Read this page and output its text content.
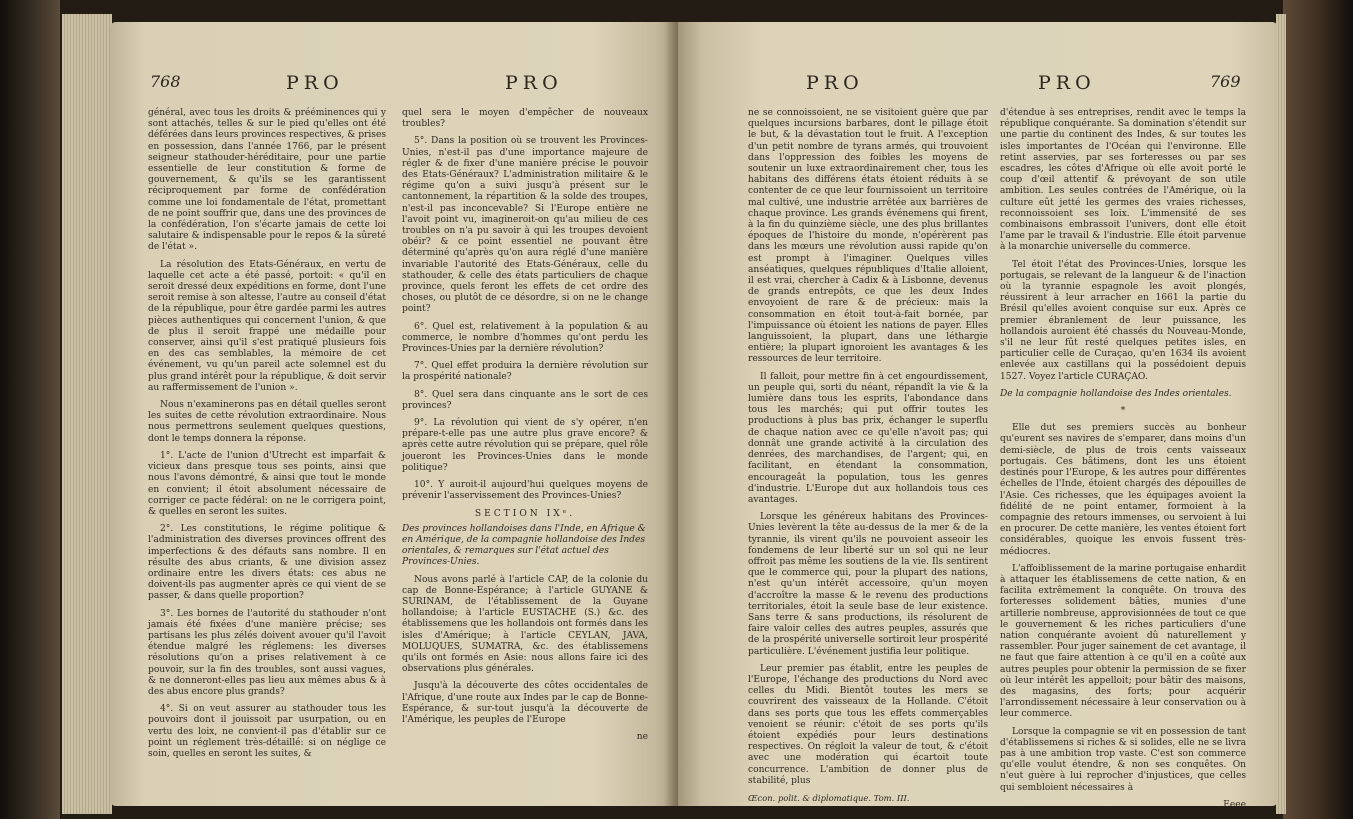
768	PRO	PRO

général, avec tous les droits & prééminences qui y sont attachés, telles & sur le pied qu'elles ont été déférées dans leurs provinces respectives, & prises en possession, dans l'année 1766, par le présent seigneur stathouder-héréditaire, pour une partie essentielle de leur constitution & forme de gouvernement, & qu'ils se les garantissent réciproquement par forme de confédération comme une loi fondamentale de l'état, promettant de ne point souffrir que, dans une des provinces de la confédération, l'on s'écarte jamais de cette loi salutaire & indispensable pour le repos & la sûreté de l'état ».

La résolution des Etats-Généraux, en vertu de laquelle cet acte a été passé, portoit: « qu'il en seroit dressé deux expéditions en forme, dont l'une seroit remise à son altesse, l'autre au conseil d'état de la république, pour être gardée parmi les autres pièces authentiques qui concernent l'union, & que de plus il seroit frappé une médaille pour conserver, ainsi qu'il s'est pratiqué plusieurs fois en des cas semblables, la mémoire de cet événement, vu qu'un pareil acte solemnel est du plus grand intérêt pour la république, & doit servir au raffermissement de l'union ».

Nous n'examinerons pas en détail quelles seront les suites de cette révolution extraordinaire. Nous nous permettrons seulement quelques questions, dont le temps donnera la réponse.

1°. L'acte de l'union d'Utrecht est imparfait & vicieux dans presque tous ses points, ainsi que nous l'avons démontré, & ainsi que tout le monde en convient; il étoit absolument nécessaire de corriger ce pacte fédéral: on ne le corrigera point, & quelles en seront les suites.

2°. Les constitutions, le régime politique & l'administration des diverses provinces offrent des imperfections & des défauts sans nombre. Il en résulte des abus criants, & une division assez ordinaire entre les divers états: ces abus ne doivent-ils pas augmenter après ce qui vient de se passer, & dans quelle proportion?

3°. Les bornes de l'autorité du stathouder n'ont jamais été fixées d'une manière précise; ses partisans les plus zélés doivent avouer qu'il l'avoit étendue malgré les réglemens: les diverses résolutions qu'on a prises relativement à ce pouvoir, sur la fin des troubles, sont aussi vagues, & ne donneront-elles pas lieu aux mêmes abus & à des abus encore plus grands?

4°. Si on veut assurer au stathouder tous les pouvoirs dont il jouissoit par usurpation, ou en vertu des loix, ne convient-il pas d'établir sur ce point un réglement très-détaillé: si on néglige ce soin, quelles en seront les suites, &

quel sera le moyen d'empêcher de nouveaux troubles?

5°. Dans la position où se trouvent les Provinces-Unies, n'est-il pas d'une importance majeure de régler & de fixer d'une manière précise le pouvoir des Etats-Généraux? L'administration militaire & le régime qu'on a suivi jusqu'à présent sur le cantonnement, la répartition & la solde des troupes, n'est-il pas inconcevable? Si l'Europe entière ne l'avoit point vu, imagineroit-on qu'au milieu de ces troubles on n'a pu savoir à qui les troupes devoient obéir? & ce point essentiel ne pouvant être déterminé qu'après qu'on aura réglé d'une manière invariable l'autorité des Etats-Généraux, celle du stathouder, & celle des états particuliers de chaque province, quels feront les effets de cet ordre des choses, ou plutôt de ce désordre, si on ne le change point?

6°. Quel est, relativement à la population & au commerce, le nombre d'hommes qu'ont perdu les Provinces-Unies par la dernière révolution?

7°. Quel effet produira la dernière révolution sur la prospérité nationale?

8°. Quel sera dans cinquante ans le sort de ces provinces?

9°. La révolution qui vient de s'y opérer, n'en prépare-t-elle pas une autre plus grave encore? & après cette autre révolution qui se prépare, quel rôle joueront les Provinces-Unies dans le monde politique?

10°. Y auroit-il aujourd'hui quelques moyens de prévenir l'asservissement des Provinces-Unies?

SECTION IXᵉ.

Des provinces hollandoises dans l'Inde, en Afrique & en Amérique, de la compagnie hollandoise des Indes orientales, & remarques sur l'état actuel des Provinces-Unies.

Nous avons parlé à l'article CAP, de la colonie du cap de Bonne-Espérance; à l'article GUYANE & SURINAM, de l'établissement de la Guyane hollandoise; à l'article EUSTACHE (S.) &c. des établissemens que les hollandois ont formés dans les isles d'Amérique; à l'article CEYLAN, JAVA, MOLUQUES, SUMATRA, &c. des établissemens qu'ils ont formés en Asie: nous allons faire ici des observations plus générales.

Jusqu'à la découverte des côtes occidentales de l'Afrique, d'une route aux Indes par le cap de Bonne-Espérance, & sur-tout jusqu'à la découverte de l'Amérique, les peuples de l'Europe

ne

PRO	PRO	769

ne se connoissoient, ne se visitoient guère que par quelques incursions barbares, dont le pillage étoit le but, & la dévastation tout le fruit. A l'exception d'un petit nombre de tyrans armés, qui trouvoient dans l'oppression des foibles les moyens de soutenir un luxe extraordinairement cher, tous les habitans des différens états étoient réduits à se contenter de ce que leur fournissoient un territoire mal cultivé, une industrie arrêtée aux barrières de chaque province. Les grands événemens qui firent, à la fin du quinzième siècle, une des plus brillantes époques de l'histoire du monde, n'opérèrent pas dans les mœurs une révolution aussi rapide qu'on est prompt à l'imaginer. Quelques villes anséatiques, quelques républiques d'Italie alloient, il est vrai, chercher à Cadix & à Lisbonne, devenus de grands entrepôts, ce que les deux Indes envoyoient de rare & de précieux: mais la consommation en étoit tout-à-fait bornée, par l'impuissance où étoient les nations de payer. Elles languissoient, la plupart, dans une léthargie entière; la plupart ignoroient les avantages & les ressources de leur territoire.

Il falloit, pour mettre fin à cet engourdissement, un peuple qui, sorti du néant, répandît la vie & la lumière dans tous les esprits, l'abondance dans tous les marchés; qui put offrir toutes les productions à plus bas prix, échanger le superflu de chaque nation avec ce qu'elle n'avoit pas; qui donnât une grande activité à la circulation des denrées, des marchandises, de l'argent; qui, en facilitant, en étendant la consommation, encourageât la population, tous les genres d'industrie. L'Europe dut aux hollandois tous ces avantages.

Lorsque les généreux habitans des Provinces-Unies levèrent la tête au-dessus de la mer & de la tyrannie, ils virent qu'ils ne pouvoient asseoir les fondemens de leur liberté sur un sol qui ne leur offroit pas même les soutiens de la vie. Ils sentirent que le commerce qui, pour la plupart des nations, n'est qu'un intérêt accessoire, qu'un moyen d'accroître la masse & le revenu des productions territoriales, étoit la seule base de leur existence. Sans terre & sans productions, ils résolurent de faire valoir celles des autres peuples, assurés que de la prospérité universelle sortiroit leur prospérité particulière. L'événement justifia leur politique.

Leur premier pas établit, entre les peuples de l'Europe, l'échange des productions du Nord avec celles du Midi. Bientôt toutes les mers se couvrirent des vaisseaux de la Hollande. C'étoit dans ses ports que tous les effets commerçables venoient se réunir: c'étoit de ses ports qu'ils étoient expédiés pour leurs destinations respectives. On régloit la valeur de tout, & c'étoit avec une modération qui écartoit toute concurrence. L'ambition de donner plus de stabilité, plus

Œcon. polit. & diplomatique. Tom. III.

d'étendue à ses entreprises, rendit avec le temps la république conquérante. Sa domination s'étendit sur une partie du continent des Indes, & sur toutes les isles importantes de l'Océan qui l'environne. Elle retint asservies, par ses forteresses ou par ses escadres, les côtes d'Afrique où elle avoit porté le coup d'œil attentif & prévoyant de son utile ambition. Les seules contrées de l'Amérique, où la culture eût jetté les germes des vraies richesses, reconnoissoient ses loix. L'immensité de ses combinaisons embrassoit l'univers, dont elle étoit l'ame par le travail & l'industrie. Elle étoit parvenue à la monarchie universelle du commerce.

Tel étoit l'état des Provinces-Unies, lorsque les portugais, se relevant de la langueur & de l'inaction où la tyrannie espagnole les avoit plongés, réussirent à leur arracher en 1661 la partie du Brésil qu'elles avoient conquise sur eux. Après ce premier ébranlement de leur puissance, les hollandois auroient été chassés du Nouveau-Monde, s'il ne leur fût resté quelques petites isles, en particulier celle de Curaçao, qu'en 1634 ils avoient enlevée aux castillans qui la possédoient depuis 1527. Voyez l'article CURAÇAO.

De la compagnie hollandoise des Indes orientales.

*

Elle dut ses premiers succès au bonheur qu'eurent ses navires de s'emparer, dans moins d'un demi-siècle, de plus de trois cents vaisseaux portugais. Ces bâtimens, dont les uns étoient destinés pour l'Europe, & les autres pour différentes échelles de l'Inde, étoient chargés des dépouilles de l'Asie. Ces richesses, que les équipages avoient la fidélité de ne point entamer, formoient à la compagnie des retours immenses, ou servoient à lui en procurer. De cette manière, les ventes étoient fort considérables, quoique les envois fussent très-médiocres.

L'affoiblissement de la marine portugaise enhardit à attaquer les établissemens de cette nation, & en facilita extrêmement la conquête. On trouva des forteresses solidement bâties, munies d'une artillerie nombreuse, approvisionnées de tout ce que le gouvernement & les riches particuliers d'une nation conquérante avoient dû naturellement y rassembler. Pour juger sainement de cet avantage, il ne faut que faire attention à ce qu'il en a coûté aux autres peuples pour obtenir la permission de se fixer où leur intérêt les appelloit; pour bâtir des maisons, des magasins, des forts; pour acquérir l'arrondissement nécessaire à leur conservation ou à leur commerce.

Lorsque la compagnie se vit en possession de tant d'établissemens si riches & si solides, elle ne se livra pas à une ambition trop vaste. C'est son commerce qu'elle voulut étendre, & non ses conquêtes. On n'eut guère à lui reprocher d'injustices, que celles qui sembloient nécessaires à

Eeee
